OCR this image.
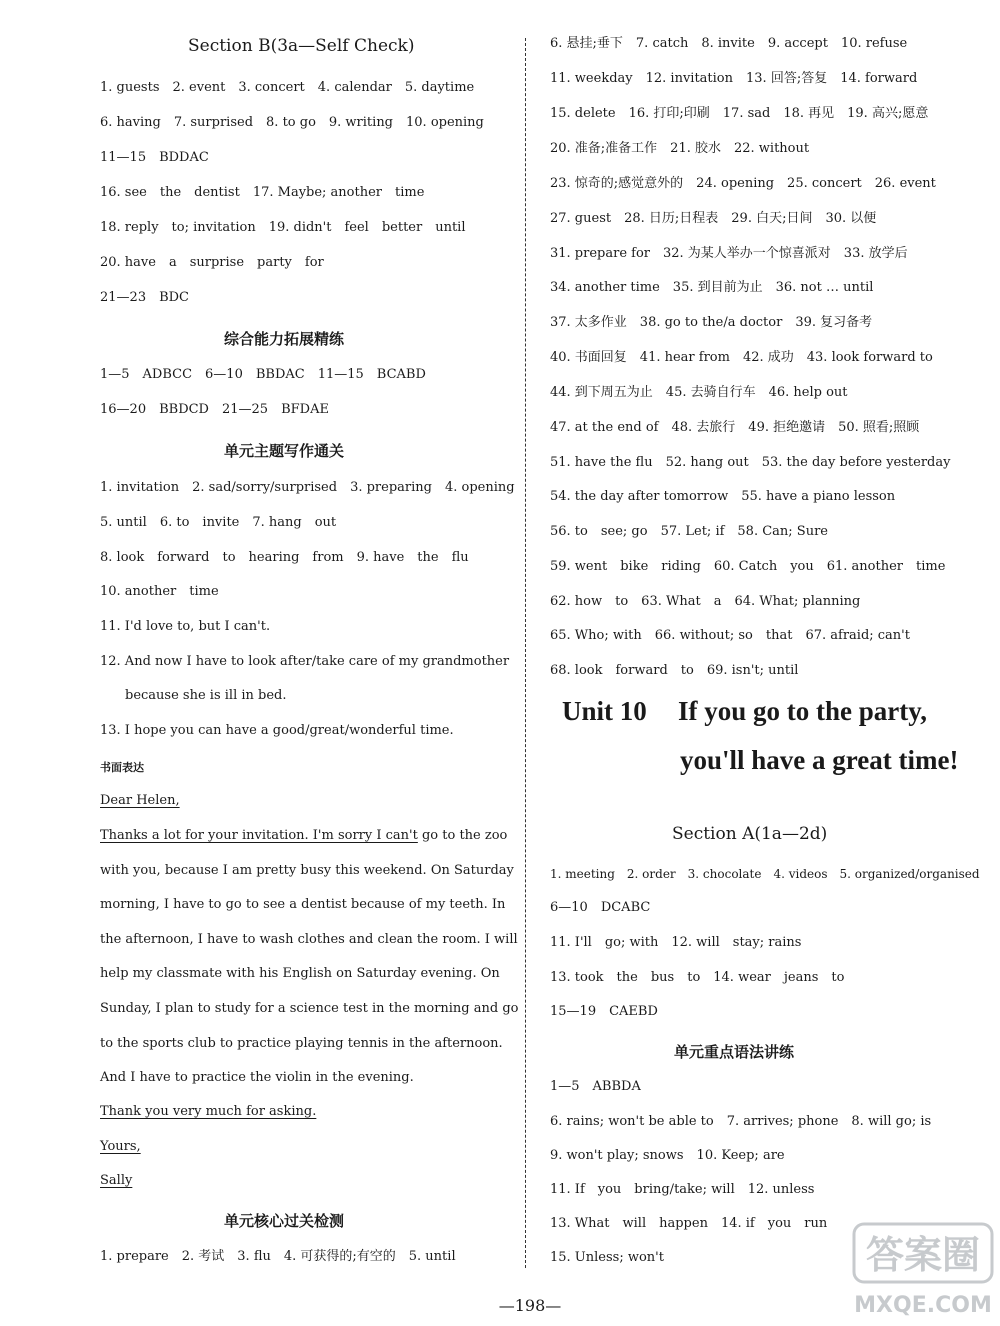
Section B(3a—Self Check)
1. guests　2. event　3. concert　4. calendar　5. daytime
6. having　7. surprised　8. to go　9. writing　10. opening
11—15　BDDAC
16. see　the　dentist　17. Maybe; another　time
18. reply　to; invitation　19. didn't　feel　better　until
20. have　a　surprise　party　for
21—23　BDC
综合能力拓展精练
1—5　ADBCC　6—10　BBDAC　11—15　BCABD
16—20　BBDCD　21—25　BFDAE
单元主题写作通关
1. invitation　2. sad/sorry/surprised　3. preparing　4. opening
5. until　6. to　invite　7. hang　out
8. look　forward　to　hearing　from　9. have　the　flu
10. another　time
11. I'd love to, but I can't.
12. And now I have to look after/take care of my grandmother
because she is ill in bed.
13. I hope you can have a good/great/wonderful time.
书面表达
Dear Helen,
Thanks a lot for your invitation. I'm sorry I can't go to the zoo
with you, because I am pretty busy this weekend. On Saturday
morning, I have to go to see a dentist because of my teeth. In
the afternoon, I have to wash clothes and clean the room. I will
help my classmate with his English on Saturday evening. On
Sunday, I plan to study for a science test in the morning and go
to the sports club to practice playing tennis in the afternoon.
And I have to practice the violin in the evening.
Thank you very much for asking.
Yours,
Sally
单元核心过关检测
1. prepare　2. 考试　3. flu　4. 可获得的;有空的　5. until
6. 悬挂;垂下　7. catch　8. invite　9. accept　10. refuse
11. weekday　12. invitation　13. 回答;答复　14. forward
15. delete　16. 打印;印刷　17. sad　18. 再见　19. 高兴;愿意
20. 准备;准备工作　21. 胶水　22. without
23. 惊奇的;感觉意外的　24. opening　25. concert　26. event
27. guest　28. 日历;日程表　29. 白天;日间　30. 以便
31. prepare for　32. 为某人举办一个惊喜派对　33. 放学后
34. another time　35. 到目前为止　36. not … until
37. 太多作业　38. go to the/a doctor　39. 复习备考
40. 书面回复　41. hear from　42. 成功　43. look forward to
44. 到下周五为止　45. 去骑自行车　46. help out
47. at the end of　48. 去旅行　49. 拒绝邀请　50. 照看;照顾
51. have the flu　52. hang out　53. the day before yesterday
54. the day after tomorrow　55. have a piano lesson
56. to　see; go　57. Let; if　58. Can; Sure
59. went　bike　riding　60. Catch　you　61. another　time
62. how　to　63. What　a　64. What; planning
65. Who; with　66. without; so　that　67. afraid; can't
68. look　forward　to　69. isn't; until
Unit 10 If you go to the party,
you'll have a great time!
Section A(1a—2d)
1. meeting　2. order　3. chocolate　4. videos　5. organized/organised
6—10　DCABC
11. I'll　go; with　12. will　stay; rains
13. took　the　bus　to　14. wear　jeans　to
15—19　CAEBD
单元重点语法讲练
1—5　ABBDA
6. rains; won't be able to　7. arrives; phone　8. will go; is
9. won't play; snows　10. Keep; are
11. If　you　bring/take; will　12. unless
13. What　will　happen　14. if　you　run
15. Unless; won't
—198—
答案圈
MXQE.COM
